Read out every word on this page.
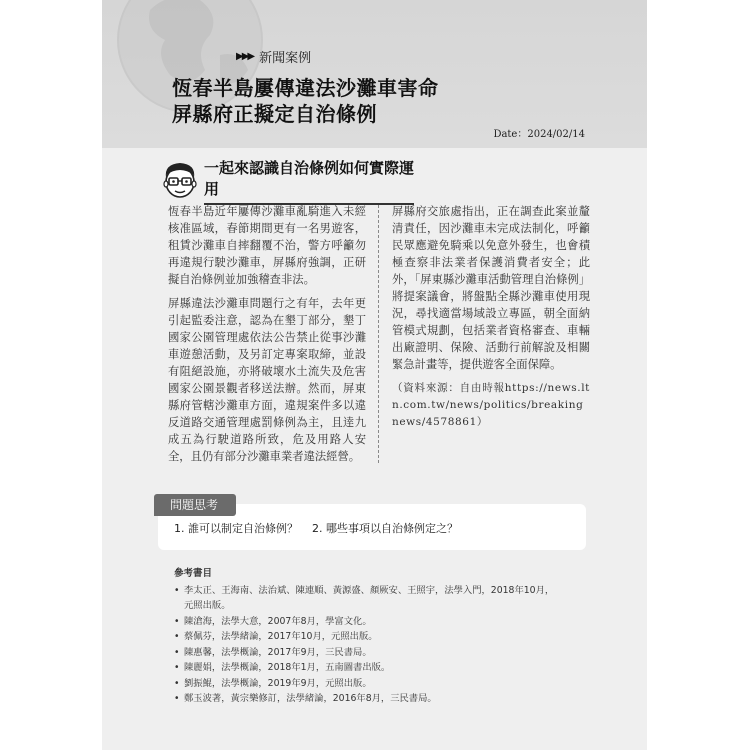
▶▶▶ 新聞案例
恆春半島屢傳違法沙灘車害命
屏縣府正擬定自治條例
Date：2024/02/14
一起來認識自治條例如何實際運用

恆春半島近年屢傳沙灘車亂騎進入未經核准區域，春節期間更有一名男遊客，租賃沙灘車自摔翻覆不治，警方呼籲勿再違規行駛沙灘車，屏縣府強調，正研擬自治條例並加強稽查非法。

屏縣違法沙灘車問題行之有年，去年更引起監委注意，認為在墾丁部分，墾丁國家公園管理處依法公告禁止從事沙灘車遊憩活動，及另訂定專案取締，並設有阻絕設施，亦將破壞水土流失及危害國家公園景觀者移送法辦。然而，屏東縣府管轄沙灘車方面，違規案件多以違反道路交通管理處罰條例為主，且逹九成五為行駛道路所致，危及用路人安全，且仍有部分沙灘車業者違法經營。

屏縣府交旅處指出，正在調查此案並釐清責任，因沙灘車未完成法制化，呼籲民眾應避免騎乘以免意外發生，也會積極查察非法業者保護消費者安全；此外，「屏東縣沙灘車活動管理自治條例」將提案議會，將盤點全縣沙灘車使用現況，尋找適當場域設立專區，朝全面納管模式規劃，包括業者資格審查、車輛出廠證明、保險、活動行前解說及相關緊急計畫等，提供遊客全面保障。

（資料來源：自由時報https://news.ltn.com.tw/news/politics/breakingnews/4578861）

問題思考
1. 誰可以制定自治條例？ 2. 哪些事項以自治條例定之？
參考書目
• 李太正、王海南、法治斌、陳連順、黃源盛、顏厥安、王照宇，法學入門，2018年10月，
元照出版。
• 陳滄海，法學大意，2007年8月，學富文化。
• 蔡佩芬，法學緒論，2017年10月，元照出版。
• 陳惠馨，法學概論，2017年9月，三民書局。
• 陳麗娟，法學概論，2018年1月，五南圖書出版。
• 劉振鯤，法學概論，2019年9月，元照出版。
• 鄭玉波著，黃宗樂修訂，法學緒論，2016年8月，三民書局。
